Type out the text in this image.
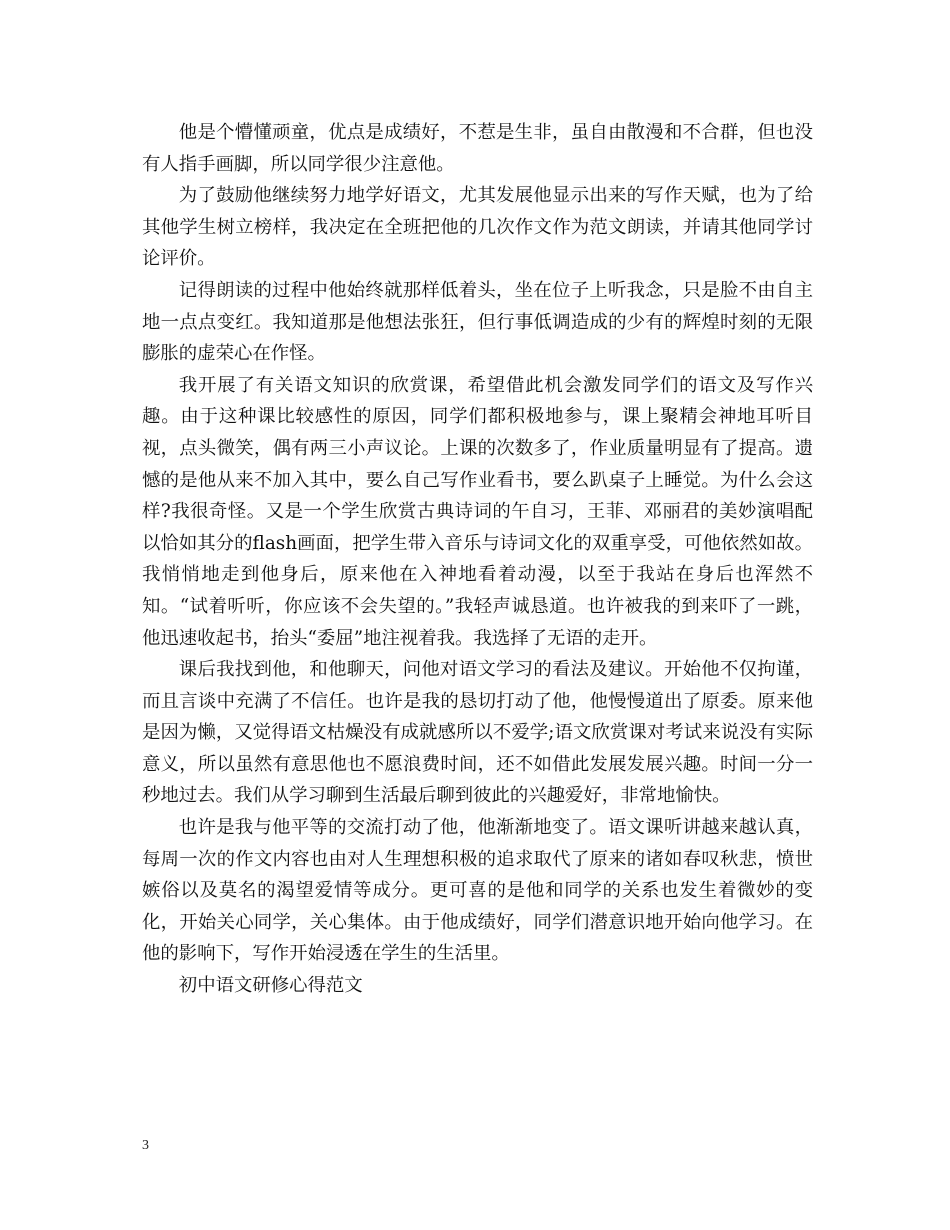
他是个懵懂顽童，优点是成绩好，不惹是生非，虽自由散漫和不合群，但也没有人指手画脚，所以同学很少注意他。

为了鼓励他继续努力地学好语文，尤其发展他显示出来的写作天赋，也为了给其他学生树立榜样，我决定在全班把他的几次作文作为范文朗读，并请其他同学讨论评价。

记得朗读的过程中他始终就那样低着头，坐在位子上听我念，只是脸不由自主地一点点变红。我知道那是他想法张狂，但行事低调造成的少有的辉煌时刻的无限膨胀的虚荣心在作怪。

我开展了有关语文知识的欣赏课，希望借此机会激发同学们的语文及写作兴趣。由于这种课比较感性的原因，同学们都积极地参与，课上聚精会神地耳听目视，点头微笑，偶有两三小声议论。上课的次数多了，作业质量明显有了提高。遗憾的是他从来不加入其中，要么自己写作业看书，要么趴桌子上睡觉。为什么会这样?我很奇怪。又是一个学生欣赏古典诗词的午自习，王菲、邓丽君的美妙演唱配以恰如其分的flash画面，把学生带入音乐与诗词文化的双重享受，可他依然如故。我悄悄地走到他身后，原来他在入神地看着动漫，以至于我站在身后也浑然不知。“试着听听，你应该不会失望的。”我轻声诚恳道。也许被我的到来吓了一跳，他迅速收起书，抬头“委屈”地注视着我。我选择了无语的走开。

课后我找到他，和他聊天，问他对语文学习的看法及建议。开始他不仅拘谨，而且言谈中充满了不信任。也许是我的恳切打动了他，他慢慢道出了原委。原来他是因为懒，又觉得语文枯燥没有成就感所以不爱学;语文欣赏课对考试来说没有实际意义，所以虽然有意思他也不愿浪费时间，还不如借此发展发展兴趣。时间一分一秒地过去。我们从学习聊到生活最后聊到彼此的兴趣爱好，非常地愉快。

也许是我与他平等的交流打动了他，他渐渐地变了。语文课听讲越来越认真，每周一次的作文内容也由对人生理想积极的追求取代了原来的诸如春叹秋悲，愤世嫉俗以及莫名的渴望爱情等成分。更可喜的是他和同学的关系也发生着微妙的变化，开始关心同学，关心集体。由于他成绩好，同学们潜意识地开始向他学习。在他的影响下，写作开始浸透在学生的生活里。

初中语文研修心得范文

3
